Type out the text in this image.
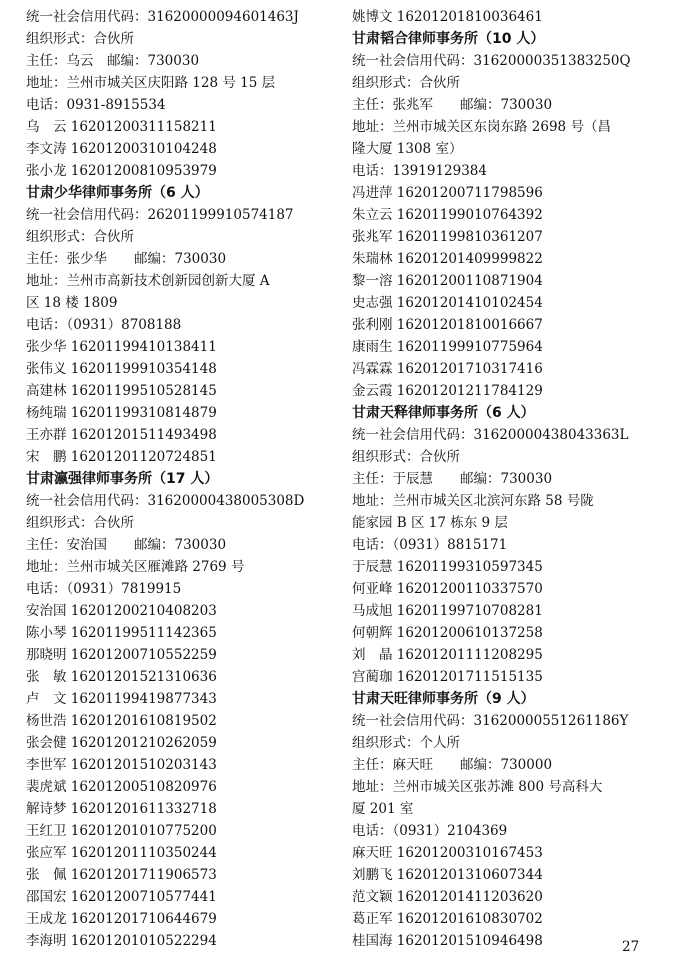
统一社会信用代码：31620000094601463J
组织形式：合伙所
主任：乌云　邮编：730030
地址：兰州市城关区庆阳路 128 号 15 层
电话：0931-8915534
乌　云 16201200311158211
李文涛 16201200310104248
张小龙 16201200810953979
甘肃少华律师事务所（6 人）
统一社会信用代码：26201199910574187
组织形式：合伙所
主任：张少华　　邮编：730030
地址：兰州市高新技术创新园创新大厦 A
区 18 楼 1809
电话：（0931）8708188
张少华 16201199410138411
张伟义 16201199910354148
高建林 16201199510528145
杨纯瑞 16201199310814879
王亦群 16201201511493498
宋　鹏 16201201120724851
甘肃瀛强律师事务所（17 人）
统一社会信用代码：31620000438005308D
组织形式：合伙所
主任：安治国　　邮编：730030
地址：兰州市城关区雁滩路 2769 号
电话：（0931）7819915
安治国 16201200210408203
陈小琴 16201199511142365
那晓明 16201200710552259
张　敏 16201201521310636
卢　文 16201199419877343
杨世浩 16201201610819502
张会健 16201201210262059
李世军 16201201510203143
裴虎斌 16201200510820976
解诗梦 16201201611332718
王红卫 16201201010775200
张应军 16201201110350244
张　佩 16201201711906573
邵国宏 16201200710577441
王成龙 16201201710644679
李海明 16201201010522294
姚博文 16201201810036461
甘肃韬合律师事务所（10 人）
统一社会信用代码：31620000351383250Q
组织形式：合伙所
主任：张兆军　　邮编：730030
地址：兰州市城关区东岗东路 2698 号（昌
隆大厦 1308 室）
电话：13919129384
冯进萍 16201200711798596
朱立云 16201199010764392
张兆军 16201199810361207
朱瑞林 16201201409999822
黎一溶 16201200110871904
史志强 16201201410102454
张利刚 16201201810016667
康雨生 16201199910775964
冯霖霖 16201201710317416
金云霞 16201201211784129
甘肃天释律师事务所（6 人）
统一社会信用代码：31620000438043363L
组织形式：合伙所
主任：于辰慧　　邮编：730030
地址：兰州市城关区北滨河东路 58 号陇
能家园 B 区 17 栋东 9 层
电话：（0931）8815171
于辰慧 16201199310597345
何亚峰 16201200110337570
马成旭 16201199710708281
何朝辉 16201200610137258
刘　晶 16201201111208295
宫蔺珈 16201201711515135
甘肃天旺律师事务所（9 人）
统一社会信用代码：31620000551261186Y
组织形式：个人所
主任：麻天旺　　邮编：730000
地址：兰州市城关区张苏滩 800 号高科大
厦 201 室
电话：（0931）2104369
麻天旺 16201200310167453
刘鹏飞 16201201310607344
范文颖 16201201411203620
葛正军 16201201610830702
桂国海 16201201510946498	27
